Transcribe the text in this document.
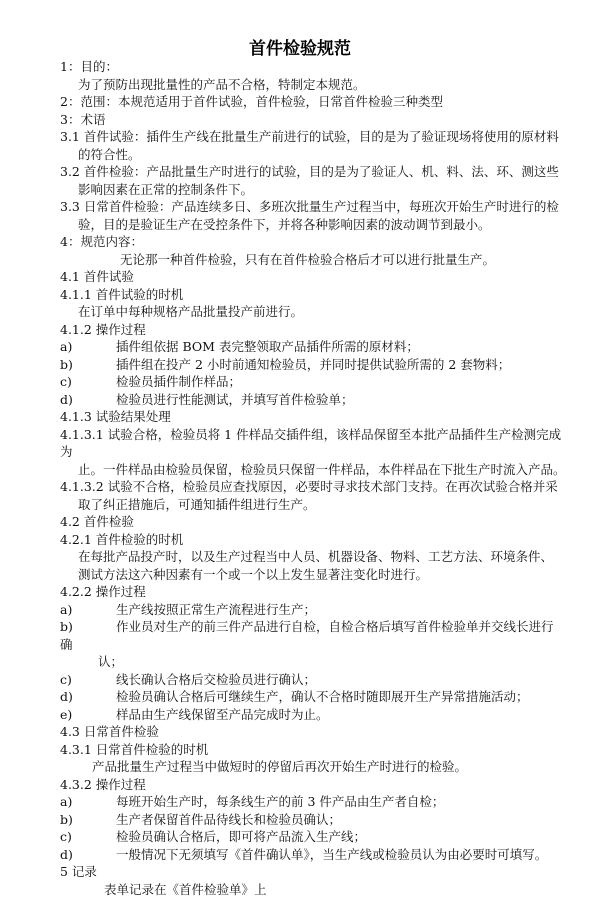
首件检验规范
1：目的：
为了预防出现批量性的产品不合格，特制定本规范。
2：范围：本规范适用于首件试验，首件检验，日常首件检验三种类型
3：术语
3.1 首件试验：插件生产线在批量生产前进行的试验，目的是为了验证现场将使用的原材料
的符合性。
3.2 首件检验：产品批量生产时进行的试验，目的是为了验证人、机、料、法、环、测这些
影响因素在正常的控制条件下。
3.3 日常首件检验：产品连续多日、多班次批量生产过程当中，每班次开始生产时进行的检
验，目的是验证生产在受控条件下，并将各种影响因素的波动调节到最小。
4：规范内容：
无论那一种首件检验，只有在首件检验合格后才可以进行批量生产。
4.1 首件试验
4.1.1 首件试验的时机
在订单中每种规格产品批量投产前进行。
4.1.2 操作过程
a)	插件组依据 BOM 表完整领取产品插件所需的原材料；
b)	插件组在投产 2 小时前通知检验员，并同时提供试验所需的 2 套物料；
c)	检验员插件制作样品；
d)	检验员进行性能测试，并填写首件检验单；
4.1.3 试验结果处理
4.1.3.1 试验合格，检验员将 1 件样品交插件组，该样品保留至本批产品插件生产检测完成
为
止。一件样品由检验员保留，检验员只保留一件样品，本件样品在下批生产时流入产品。
4.1.3.2 试验不合格，检验员应查找原因，必要时寻求技术部门支持。在再次试验合格并采
取了纠正措施后，可通知插件组进行生产。
4.2 首件检验
4.2.1 首件检验的时机
在每批产品投产时，以及生产过程当中人员、机器设备、物料、工艺方法、环境条件、
测试方法这六种因素有一个或一个以上发生显著注变化时进行。
4.2.2 操作过程
a)	生产线按照正常生产流程进行生产；
b)	作业员对生产的前三件产品进行自检，自检合格后填写首件检验单并交线长进行
确
认；
c)	线长确认合格后交检验员进行确认；
d)	检验员确认合格后可继续生产，确认不合格时随即展开生产异常措施活动；
e)	样品由生产线保留至产品完成时为止。
4.3 日常首件检验
4.3.1 日常首件检验的时机
产品批量生产过程当中做短时的停留后再次开始生产时进行的检验。
4.3.2 操作过程
a)	每班开始生产时，每条线生产的前 3 件产品由生产者自检；
b)	生产者保留首件品待线长和检验员确认；
c)	检验员确认合格后，即可将产品流入生产线；
d)	一般情况下无须填写《首件确认单》，当生产线或检验员认为由必要时可填写。
5 记录
表单记录在《首件检验单》上
